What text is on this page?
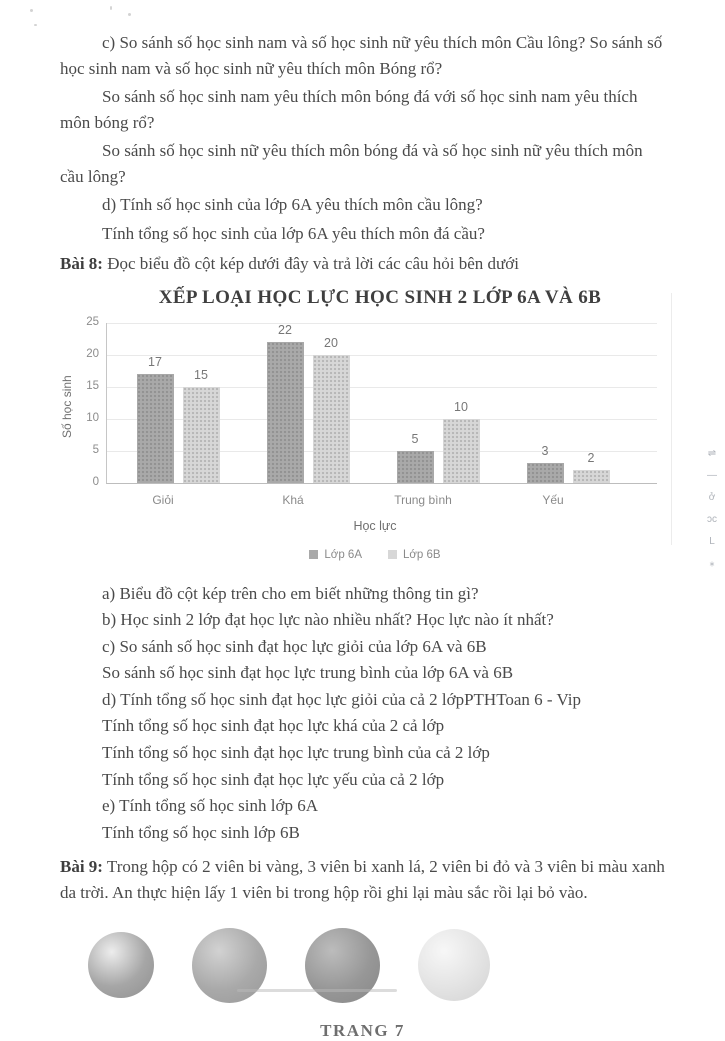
c) So sánh số học sinh nam và số học sinh nữ yêu thích môn Cầu lông? So sánh số học sinh nam và số học sinh nữ yêu thích môn Bóng rổ?

So sánh số học sinh nam yêu thích môn bóng đá với số học sinh nam yêu thích môn bóng rổ?

So sánh số học sinh nữ yêu thích môn bóng đá và số học sinh nữ yêu thích môn cầu lông?

d) Tính số học sinh của lớp 6A yêu thích môn cầu lông?

Tính tổng số học sinh của lớp 6A yêu thích môn đá cầu?

Bài 8: Đọc biểu đồ cột kép dưới đây và trả lời các câu hỏi bên dưới

XẾP LOẠI HỌC LỰC HỌC SINH 2 LỚP 6A VÀ 6B
Số học sinh
0
5
10
15
20
25
17
15
22
20
5
10
3	2
Giỏi	Khá	Trung bình	Yếu
Học lực
Lớp 6A	Lớp 6B

a) Biểu đồ cột kép trên cho em biết những thông tin gì?

b) Học sinh 2 lớp đạt học lực nào nhiều nhất? Học lực nào ít nhất?

c) So sánh số học sinh đạt học lực giỏi của lớp 6A và 6B

So sánh số học sinh đạt học lực trung bình của lớp 6A và 6B

d) Tính tổng số học sinh đạt học lực giỏi của cả 2 lớpPTHToan 6 - Vip

Tính tổng số học sinh đạt học lực khá của 2 cả lớp

Tính tổng số học sinh đạt học lực trung bình của cả 2 lớp

Tính tổng số học sinh đạt học lực yếu của cả 2 lớp

e) Tính tổng số học sinh lớp 6A

Tính tổng số học sinh lớp 6B

Bài 9: Trong hộp có 2 viên bi vàng, 3 viên bi xanh lá, 2 viên bi đỏ và 3 viên bi màu xanh da trời. An thực hiện lấy 1 viên bi trong hộp rồi ghi lại màu sắc rồi lại bỏ vào.

TRANG 7
⇌
—
ở
ɔc
L
⁎
